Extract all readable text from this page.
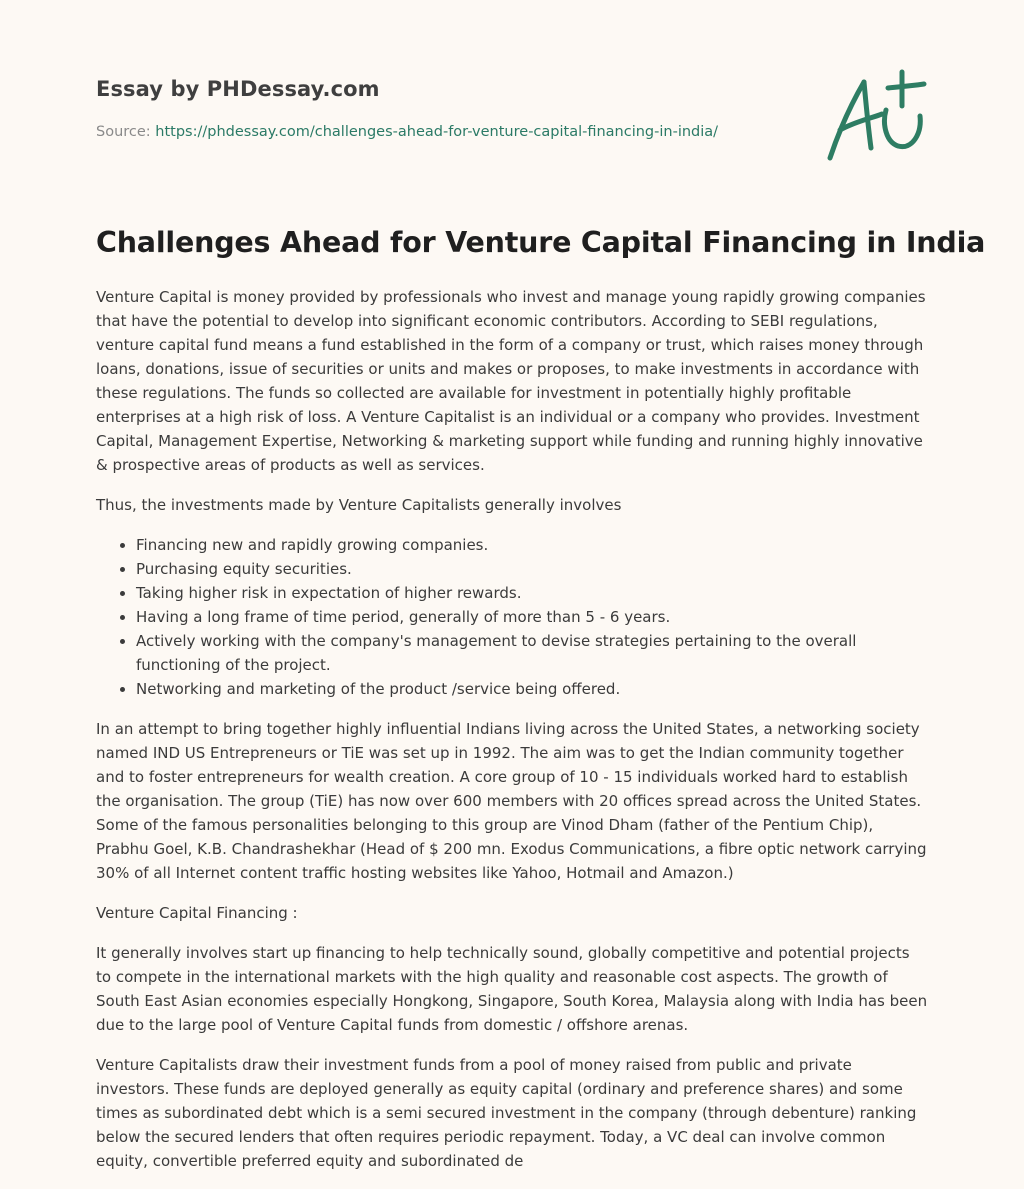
Essay by PHDessay.com
Source: https://phdessay.com/challenges-ahead-for-venture-capital-financing-in-india/
Challenges Ahead for Venture Capital Financing in India

Venture Capital is money provided by professionals who invest and manage young rapidly growing companies that have the potential to develop into significant economic contributors. According to SEBI regulations, venture capital fund means a fund established in the form of a company or trust, which raises money through loans, donations, issue of securities or units and makes or proposes, to make investments in accordance with these regulations. The funds so collected are available for investment in potentially highly profitable enterprises at a high risk of loss. A Venture Capitalist is an individual or a company who provides. Investment Capital, Management Expertise, Networking & marketing support while funding and running highly innovative & prospective areas of products as well as services.

Thus, the investments made by Venture Capitalists generally involves

• Financing new and rapidly growing companies.
• Purchasing equity securities.
• Taking higher risk in expectation of higher rewards.
• Having a long frame of time period, generally of more than 5 - 6 years.
• Actively working with the company's management to devise strategies pertaining to the overall functioning of the project.
• Networking and marketing of the product /service being offered.

In an attempt to bring together highly influential Indians living across the United States, a networking society named IND US Entrepreneurs or TiE was set up in 1992. The aim was to get the Indian community together and to foster entrepreneurs for wealth creation. A core group of 10 - 15 individuals worked hard to establish the organisation. The group (TiE) has now over 600 members with 20 offices spread across the United States. Some of the famous personalities belonging to this group are Vinod Dham (father of the Pentium Chip), Prabhu Goel, K.B. Chandrashekhar (Head of $ 200 mn. Exodus Communications, a fibre optic network carrying 30% of all Internet content traffic hosting websites like Yahoo, Hotmail and Amazon.)

Venture Capital Financing :

It generally involves start up financing to help technically sound, globally competitive and potential projects to compete in the international markets with the high quality and reasonable cost aspects. The growth of South East Asian economies especially Hongkong, Singapore, South Korea, Malaysia along with India has been due to the large pool of Venture Capital funds from domestic / offshore arenas.

Venture Capitalists draw their investment funds from a pool of money raised from public and private investors. These funds are deployed generally as equity capital (ordinary and preference shares) and some times as subordinated debt which is a semi secured investment in the company (through debenture) ranking below the secured lenders that often requires periodic repayment. Today, a VC deal can involve common equity, convertible preferred equity and subordinated de
